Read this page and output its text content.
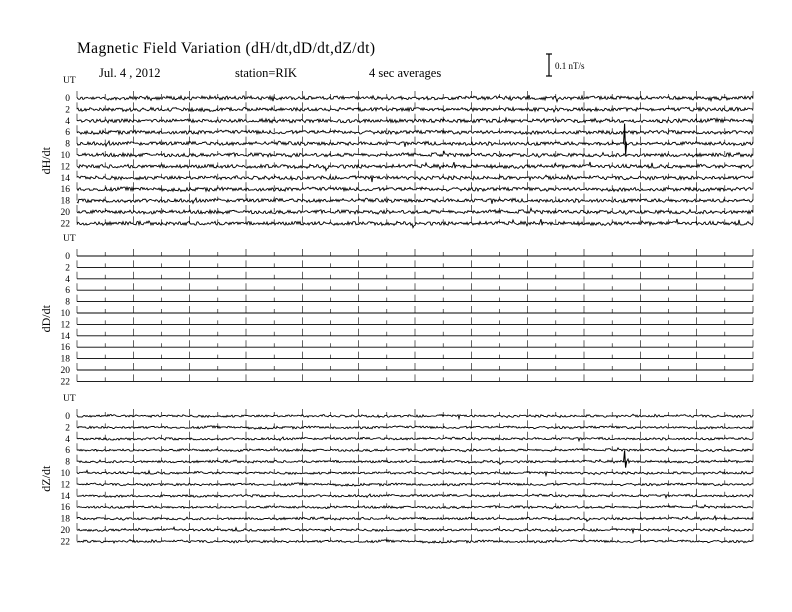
Magnetic Field Variation (dH/dt,dD/dt,dZ/dt)
Jul. 4 , 2012	station=RIK	4 sec averages	0.1 nT/s
UT
dH/dt
0
2
4
6
8
10
12
14
16
18
20
22
UT
dD/dt
0
2
4
6
8
10
12
14
16
18
20
22
UT
dZ/dt
0
2
4
6
8
10
12
14
16
18
20
22
